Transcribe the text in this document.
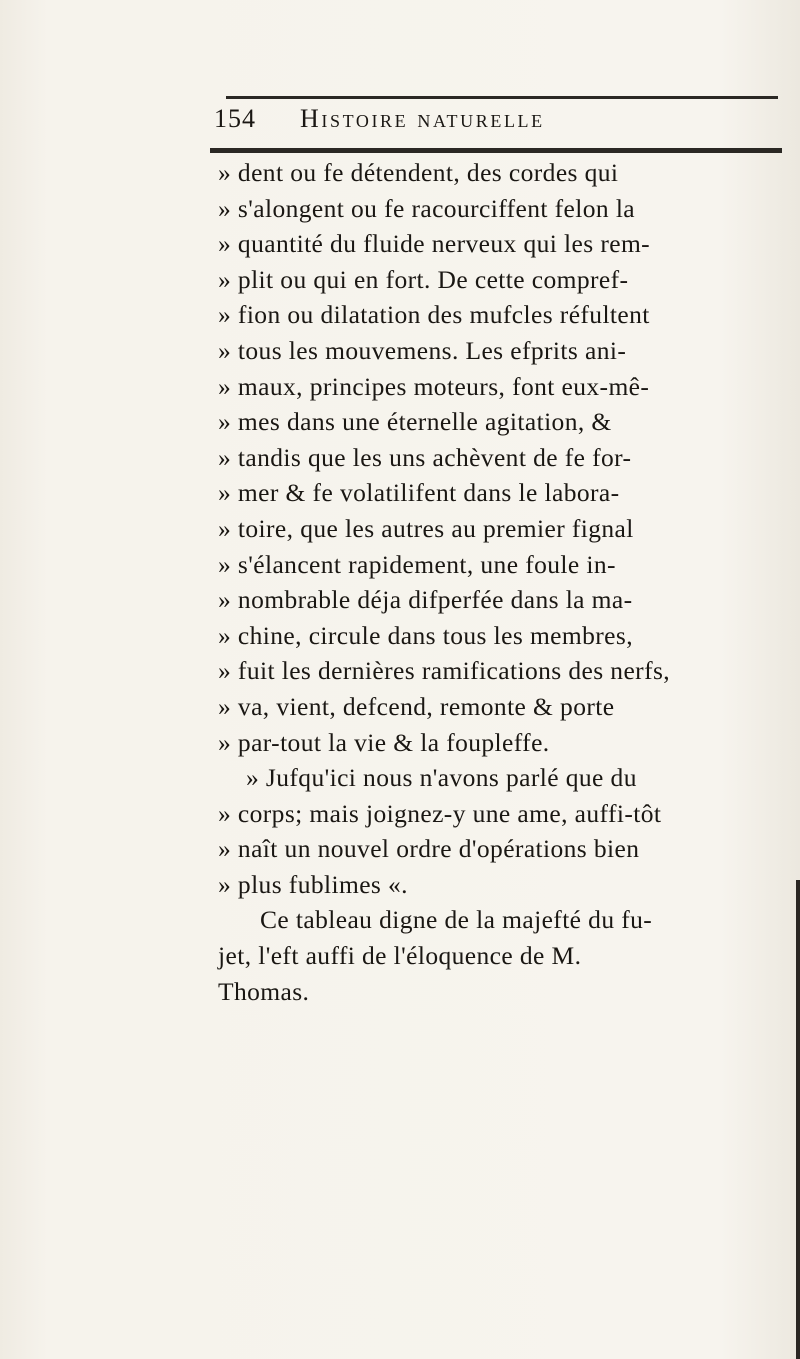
154 Histoire naturelle
» dent ou fe détendent, des cordes qui
» s'alongent ou fe racourciffent felon la
» quantité du fluide nerveux qui les rem-
» plit ou qui en fort. De cette compref-
» fion ou dilatation des mufcles réfultent
» tous les mouvemens. Les efprits ani-
» maux, principes moteurs, font eux-mê-
» mes dans une éternelle agitation, &
» tandis que les uns achèvent de fe for-
» mer & fe volatilifent dans le labora-
» toire, que les autres au premier fignal
» s'élancent rapidement, une foule in-
» nombrable déja difperfée dans la ma-
» chine, circule dans tous les membres,
» fuit les dernières ramifications des nerfs,
» va, vient, defcend, remonte & porte
» par-tout la vie & la foupleffe.
» Jufqu'ici nous n'avons parlé que du
» corps; mais joignez-y une ame, auffi-tôt
» naît un nouvel ordre d'opérations bien
» plus fublimes «.
Ce tableau digne de la majefté du fu-
jet, l'eft auffi de l'éloquence de M.
Thomas.
